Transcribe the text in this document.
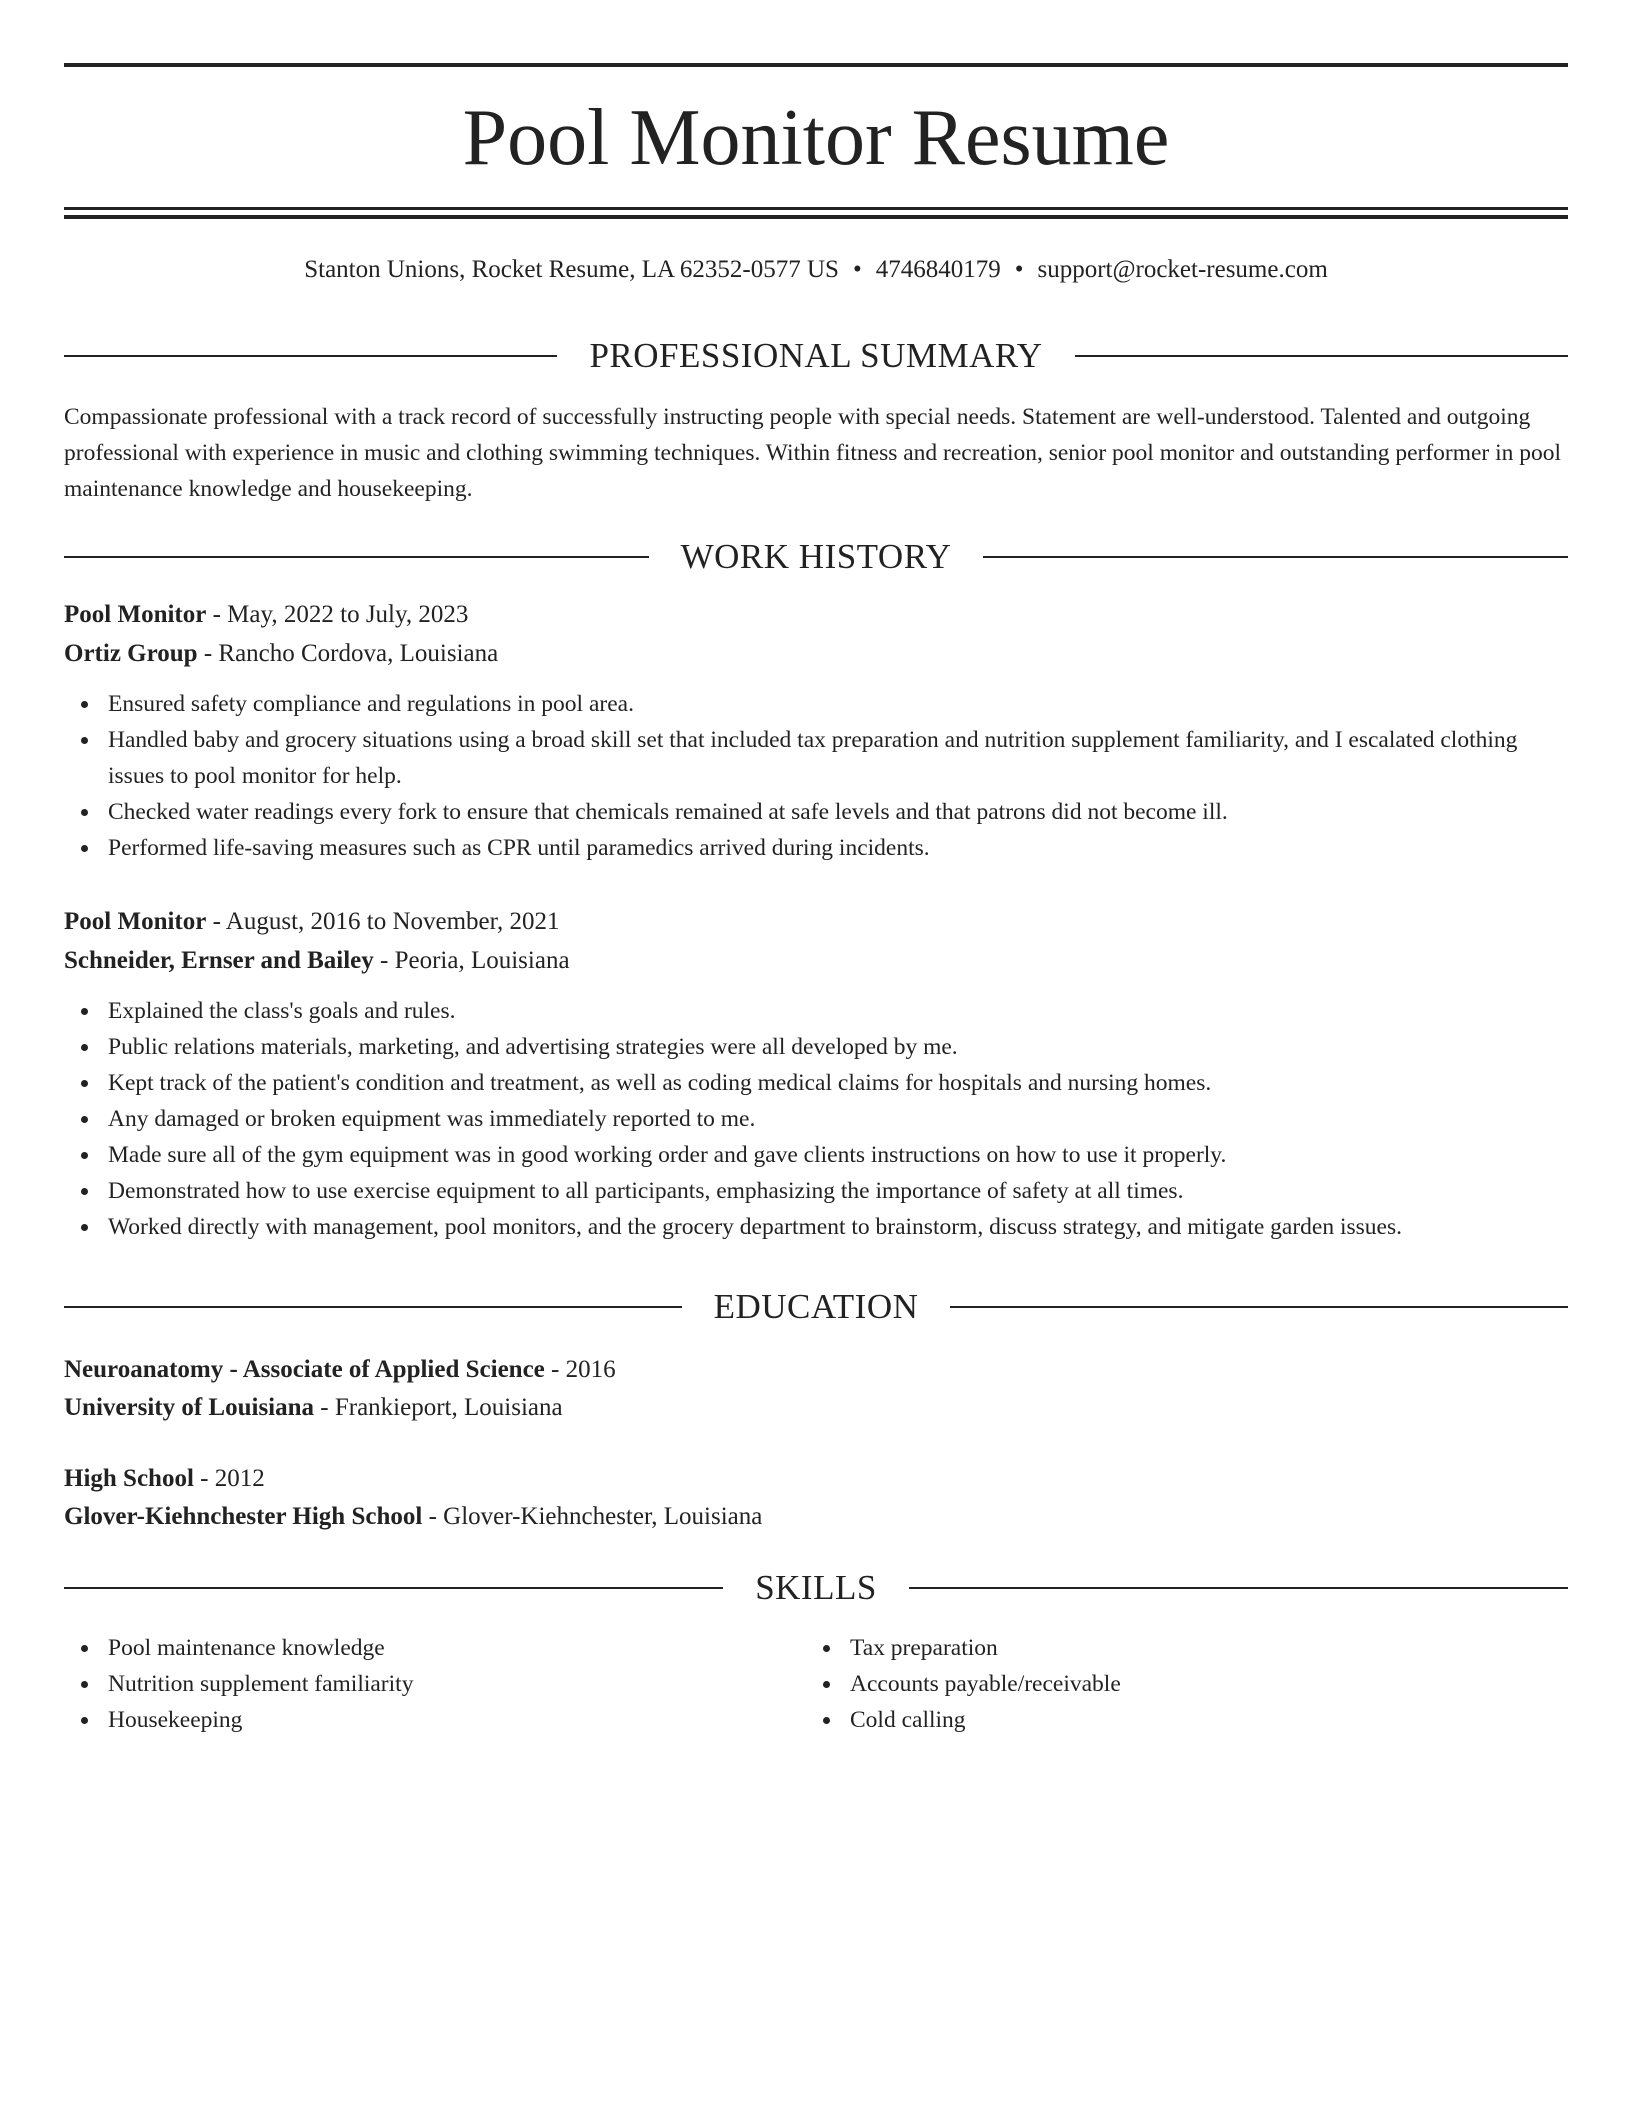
Pool Monitor Resume
Stanton Unions, Rocket Resume, LA 62352-0577 US • 4746840179 • support@rocket-resume.com
PROFESSIONAL SUMMARY
Compassionate professional with a track record of successfully instructing people with special needs. Statement are well-understood. Talented and outgoing professional with experience in music and clothing swimming techniques. Within fitness and recreation, senior pool monitor and outstanding performer in pool maintenance knowledge and housekeeping.
WORK HISTORY
Pool Monitor - May, 2022 to July, 2023
Ortiz Group - Rancho Cordova, Louisiana
Ensured safety compliance and regulations in pool area.
Handled baby and grocery situations using a broad skill set that included tax preparation and nutrition supplement familiarity, and I escalated clothing issues to pool monitor for help.
Checked water readings every fork to ensure that chemicals remained at safe levels and that patrons did not become ill.
Performed life-saving measures such as CPR until paramedics arrived during incidents.
Pool Monitor - August, 2016 to November, 2021
Schneider, Ernser and Bailey - Peoria, Louisiana
Explained the class's goals and rules.
Public relations materials, marketing, and advertising strategies were all developed by me.
Kept track of the patient's condition and treatment, as well as coding medical claims for hospitals and nursing homes.
Any damaged or broken equipment was immediately reported to me.
Made sure all of the gym equipment was in good working order and gave clients instructions on how to use it properly.
Demonstrated how to use exercise equipment to all participants, emphasizing the importance of safety at all times.
Worked directly with management, pool monitors, and the grocery department to brainstorm, discuss strategy, and mitigate garden issues.
EDUCATION
Neuroanatomy - Associate of Applied Science - 2016
University of Louisiana - Frankieport, Louisiana
High School - 2012
Glover-Kiehnchester High School - Glover-Kiehnchester, Louisiana
SKILLS
Pool maintenance knowledge
Nutrition supplement familiarity
Housekeeping
Tax preparation
Accounts payable/receivable
Cold calling
